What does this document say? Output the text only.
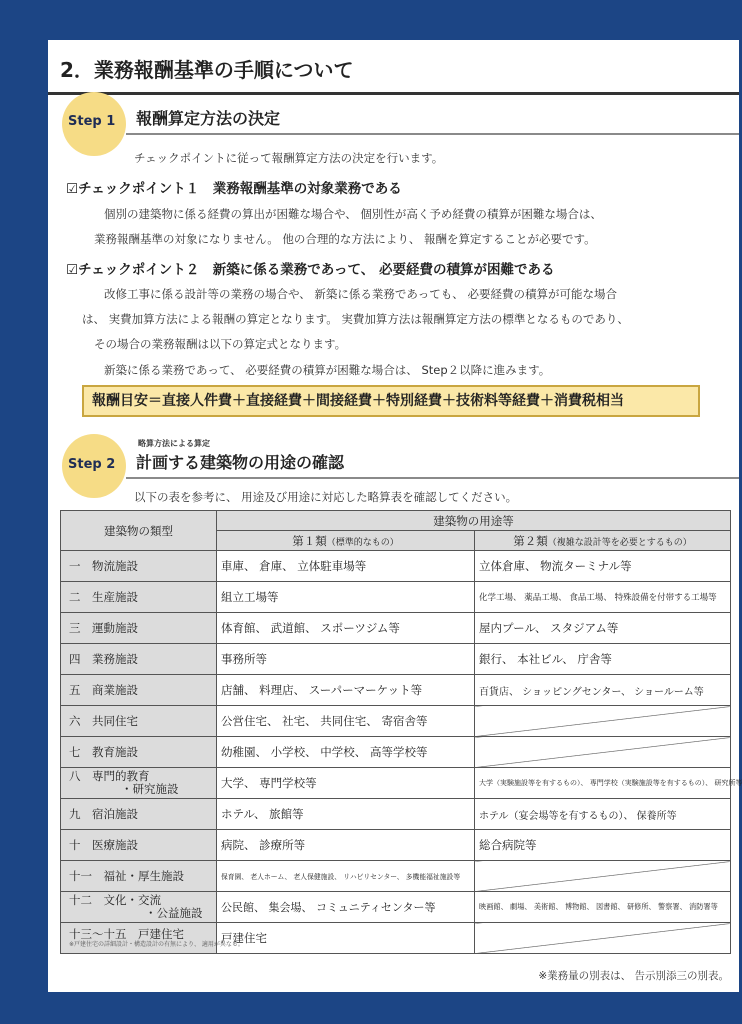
2．業務報酬基準の手順について
Step 1 報酬算定方法の決定
チェックポイントに従って報酬算定方法の決定を行います。
☑チェックポイント１　業務報酬基準の対象業務である
個別の建築物に係る経費の算出が困難な場合や、 個別性が高く予め経費の積算が困難な場合は、
業務報酬基準の対象になりません。 他の合理的な方法により、 報酬を算定することが必要です。
☑チェックポイント２　新築に係る業務であって、 必要経費の積算が困難である
改修工事に係る設計等の業務の場合や、 新築に係る業務であっても、 必要経費の積算が可能な場合
は、 実費加算方法による報酬の算定となります。 実費加算方法は報酬算定方法の標準となるものであり、
その場合の業務報酬は以下の算定式となります。
新築に係る業務であって、 必要経費の積算が困難な場合は、 Step２以降に進みます。
報酬目安＝直接人件費＋直接経費＋間接経費＋特別経費＋技術料等経費＋消費税相当
Step 2
略算方法による算定
計画する建築物の用途の確認
以下の表を参考に、 用途及び用途に対応した略算表を確認してください。
建築物の類型	建築物の用途等	
	第１類（標準的なもの）	第２類（複雑な設計等を必要とするもの）
一　物流施設	車庫、 倉庫、 立体駐車場等	立体倉庫、 物流ターミナル等
二　生産施設	組立工場等	化学工場、 薬品工場、 食品工場、 特殊設備を付帯する工場等
三　運動施設	体育館、 武道館、 スポーツジム等	屋内プール、 スタジアム等
四　業務施設	事務所等	銀行、 本社ビル、 庁舎等
五　商業施設	店舗、 料理店、 スーパーマーケット等	百貨店、 ショッピングセンター、 ショールーム等
六　共同住宅	公営住宅、 社宅、 共同住宅、 寄宿舎等	
七　教育施設	幼稚園、 小学校、 中学校、 高等学校等	
八　専門的教育
・研究施設	大学、 専門学校等	大学（実験施設等を有するもの）、 専門学校（実験施設等を有するもの）、 研究所等
九　宿泊施設	ホテル、 旅館等	ホテル（宴会場等を有するもの）、 保養所等
十　医療施設	病院、 診療所等	総合病院等
十一　福祉・厚生施設	保育園、 老人ホーム、 老人保健施設、 リハビリセンター、 多機能福祉施設等	
十二　文化・交流
・公益施設	公民館、 集会場、 コミュニティセンター等	映画館、 劇場、 美術館、 博物館、 図書館、 研修所、 警察署、 消防署等
十三〜十五　戸建住宅
※戸建住宅の詳細設計・構造設計の有無により、 適用が異なる。	戸建住宅	
※業務量の別表は、 告示別添三の別表。
